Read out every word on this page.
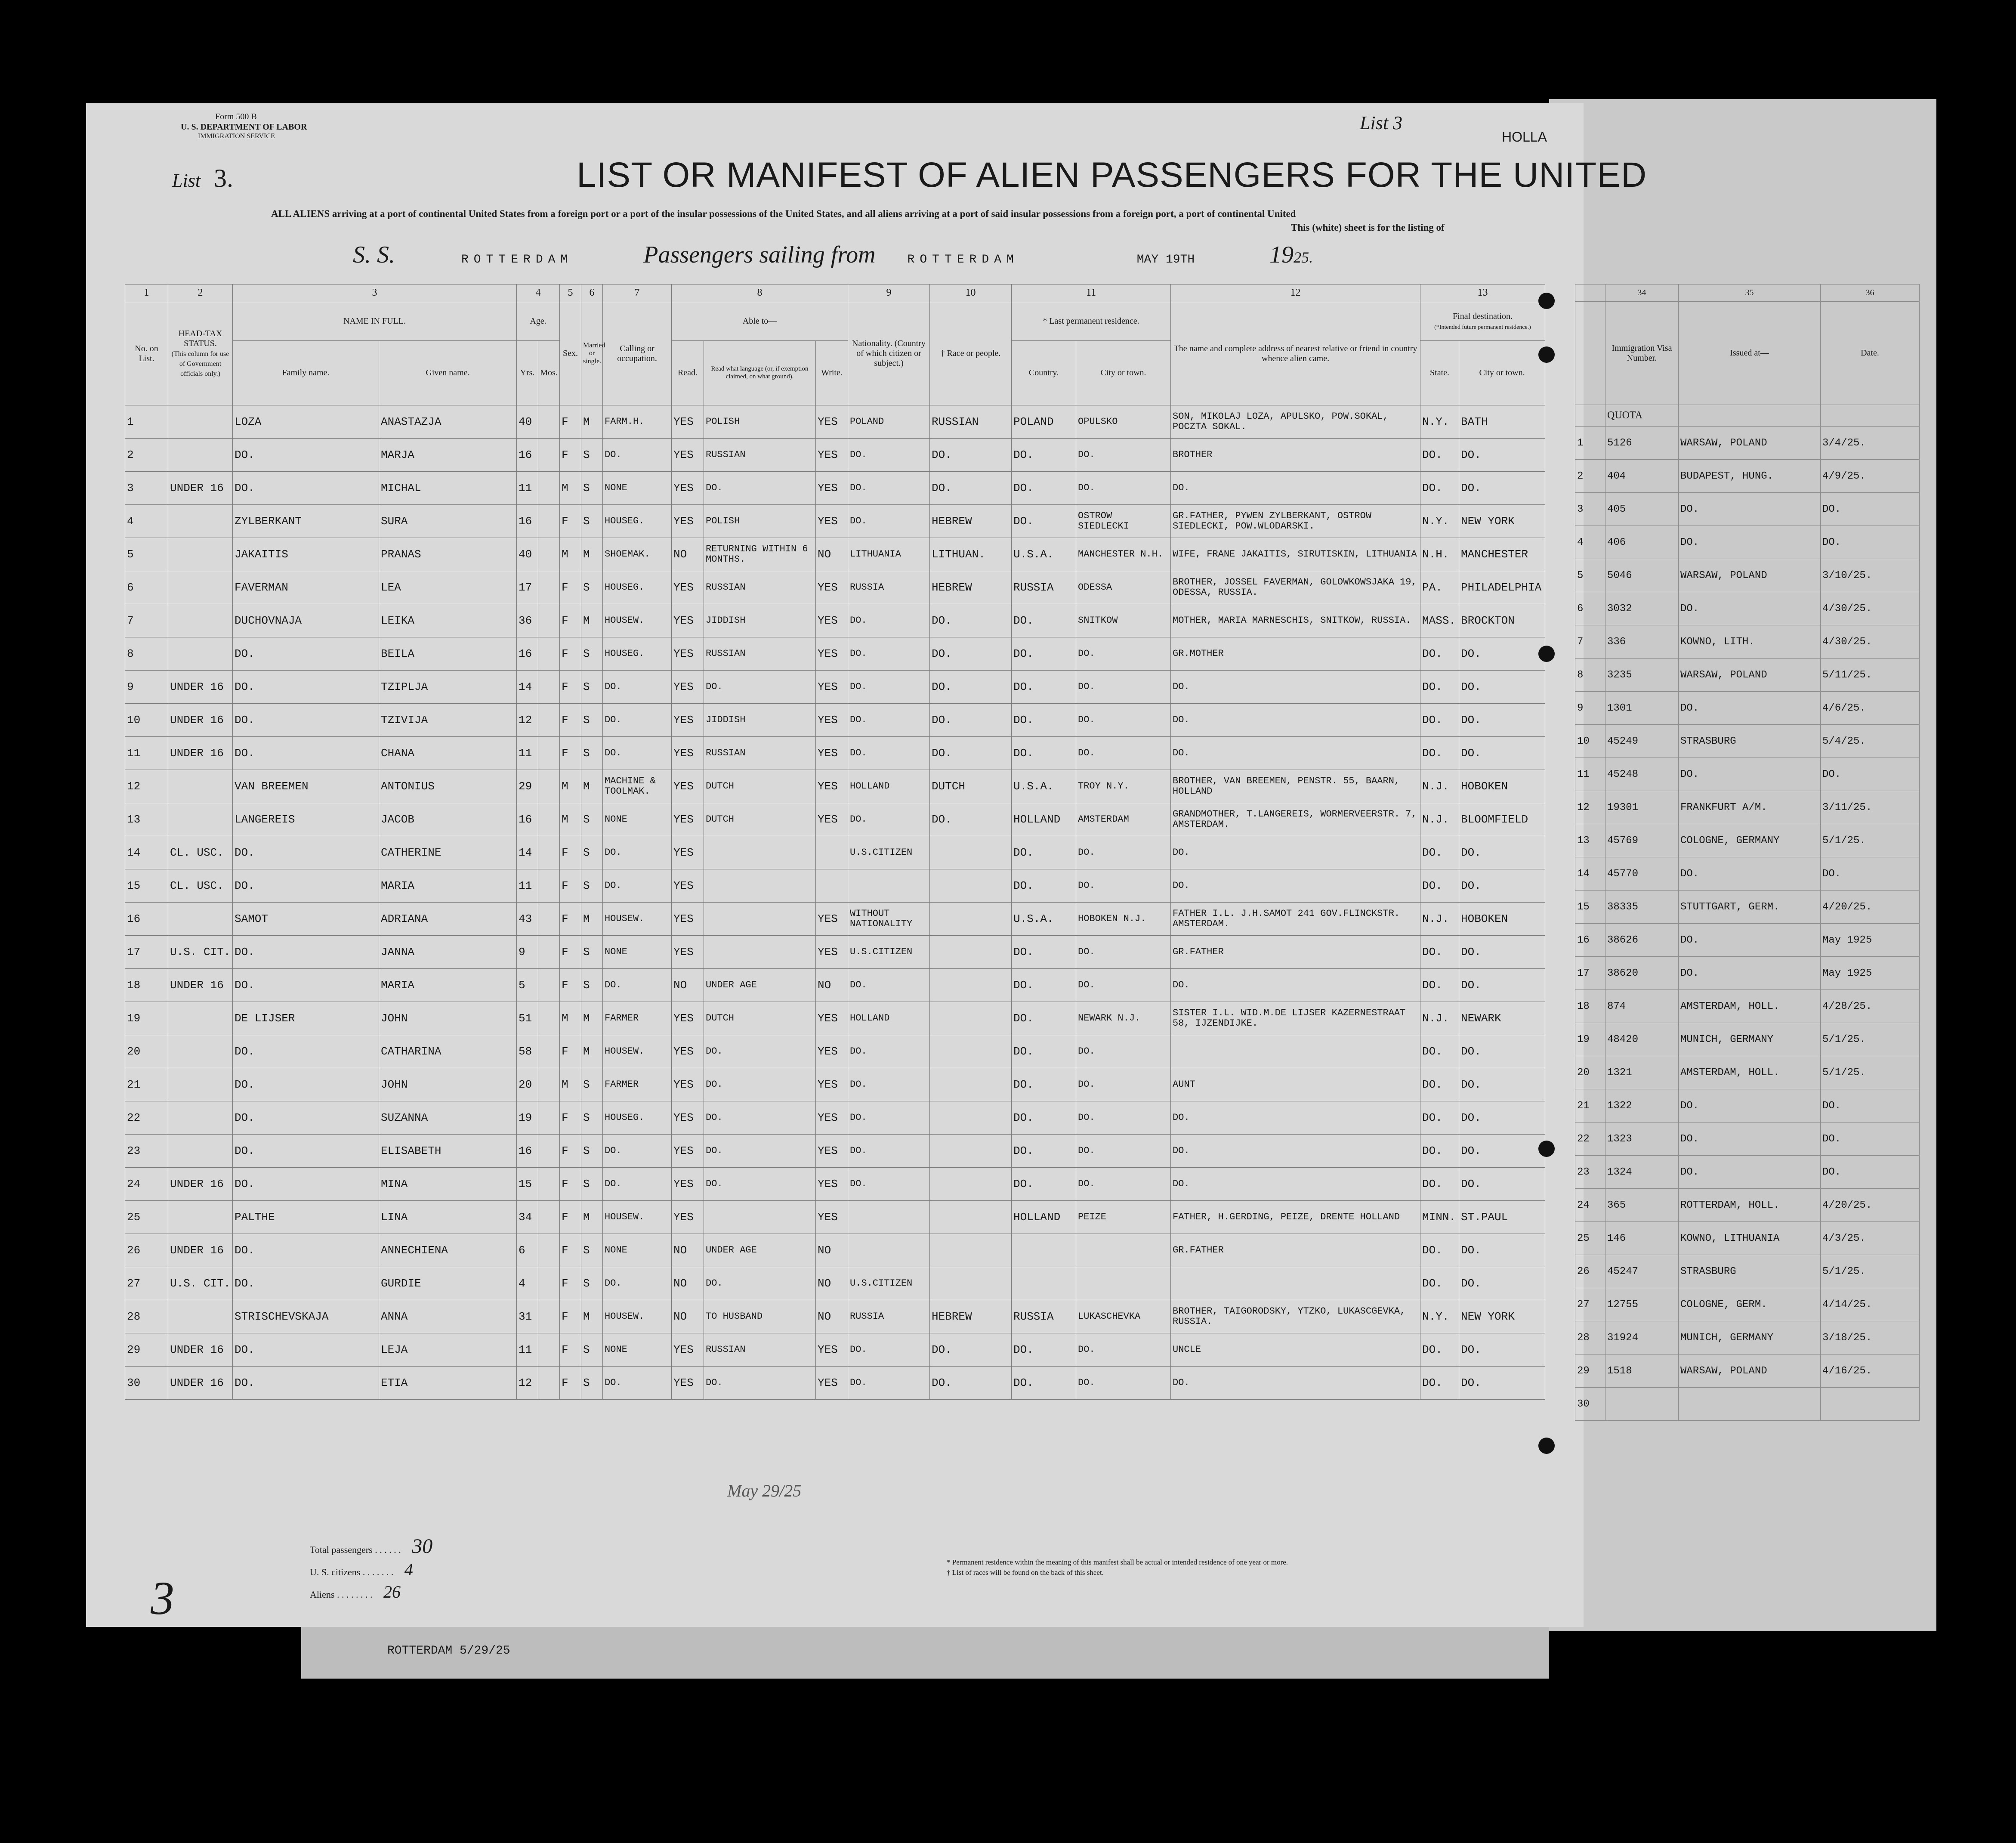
ROTTERDAM 5/29/25
Form 500 B
U. S. DEPARTMENT OF LABOR
IMMIGRATION SERVICE
List 3.
List 3
HOLLA
LIST OR MANIFEST OF ALIEN PASSENGERS FOR THE UNITED
ALL ALIENS arriving at a port of continental United States from a foreign port or a port of the insular possessions of the United States, and all aliens arriving at a port of said insular possessions from a foreign port, a port of continental United
This (white) sheet is for the listing of
S. S.	ROTTERDAM	Passengers sailing from	ROTTERDAM	MAY 19TH	1925.
1	2	3		4		5	6	7	8			9	10	11		12	13	
No. on List.	HEAD-TAX STATUS.
(This column for use of Government officials only.)	NAME IN FULL.		Age.		Sex.	Married or single.	Calling or occupation.	Able to—			Nationality. (Country of which citizen or subject.)	† Race or people.	* Last permanent residence.		The name and complete address of nearest relative or friend in country whence alien came.	Final destination.
(*Intended future permanent residence.)	
		Family name.	Given name.	Yrs.	Mos.				Read.	Read what language (or, if exemption claimed, on what ground).	Write.			Country.	City or town.		State.	City or town.
1		LOZA	ANASTAZJA	40		F	M	FARM.H.	YES	POLISH	YES	POLAND	RUSSIAN	POLAND	OPULSKO	SON, MIKOLAJ LOZA, APULSKO, POW.SOKAL, POCZTA SOKAL.	N.Y.	BATH
2		DO.	MARJA	16		F	S	DO.	YES	RUSSIAN	YES	DO.	DO.	DO.	DO.	BROTHER	DO.	DO.
3	UNDER 16	DO.	MICHAL	11		M	S	NONE	YES	DO.	YES	DO.	DO.	DO.	DO.	DO.	DO.	DO.
4		ZYLBERKANT	SURA	16		F	S	HOUSEG.	YES	POLISH	YES	DO.	HEBREW	DO.	OSTROW SIEDLECKI	GR.FATHER, PYWEN ZYLBERKANT, OSTROW SIEDLECKI, POW.WLODARSKI.	N.Y.	NEW YORK
5		JAKAITIS	PRANAS	40		M	M	SHOEMAK.	NO	RETURNING WITHIN 6 MONTHS.	NO	LITHUANIA	LITHUAN.	U.S.A.	MANCHESTER N.H.	WIFE, FRANE JAKAITIS, SIRUTISKIN, LITHUANIA	N.H.	MANCHESTER
6		FAVERMAN	LEA	17		F	S	HOUSEG.	YES	RUSSIAN	YES	RUSSIA	HEBREW	RUSSIA	ODESSA	BROTHER, JOSSEL FAVERMAN, GOLOWKOWSJAKA 19, ODESSA, RUSSIA.	PA.	PHILADELPHIA
7		DUCHOVNAJA	LEIKA	36		F	M	HOUSEW.	YES	JIDDISH	YES	DO.	DO.	DO.	SNITKOW	MOTHER, MARIA MARNESCHIS, SNITKOW, RUSSIA.	MASS.	BROCKTON
8		DO.	BEILA	16		F	S	HOUSEG.	YES	RUSSIAN	YES	DO.	DO.	DO.	DO.	GR.MOTHER	DO.	DO.
9	UNDER 16	DO.	TZIPLJA	14		F	S	DO.	YES	DO.	YES	DO.	DO.	DO.	DO.	DO.	DO.	DO.
10	UNDER 16	DO.	TZIVIJA	12		F	S	DO.	YES	JIDDISH	YES	DO.	DO.	DO.	DO.	DO.	DO.	DO.
11	UNDER 16	DO.	CHANA	11		F	S	DO.	YES	RUSSIAN	YES	DO.	DO.	DO.	DO.	DO.	DO.	DO.
12		VAN BREEMEN	ANTONIUS	29		M	M	MACHINE & TOOLMAK.	YES	DUTCH	YES	HOLLAND	DUTCH	U.S.A.	TROY N.Y.	BROTHER, VAN BREEMEN, PENSTR. 55, BAARN, HOLLAND	N.J.	HOBOKEN
13		LANGEREIS	JACOB	16		M	S	NONE	YES	DUTCH	YES	DO.	DO.	HOLLAND	AMSTERDAM	GRANDMOTHER, T.LANGEREIS, WORMERVEERSTR. 7, AMSTERDAM.	N.J.	BLOOMFIELD
14	CL. USC.	DO.	CATHERINE	14		F	S	DO.	YES			U.S.CITIZEN		DO.	DO.	DO.	DO.	DO.
15	CL. USC.	DO.	MARIA	11		F	S	DO.	YES					DO.	DO.	DO.	DO.	DO.
16		SAMOT	ADRIANA	43		F	M	HOUSEW.	YES		YES	WITHOUT NATIONALITY		U.S.A.	HOBOKEN N.J.	FATHER I.L. J.H.SAMOT 241 GOV.FLINCKSTR. AMSTERDAM.	N.J.	HOBOKEN
17	U.S. CIT.	DO.	JANNA	9		F	S	NONE	YES		YES	U.S.CITIZEN		DO.	DO.	GR.FATHER	DO.	DO.
18	UNDER 16	DO.	MARIA	5		F	S	DO.	NO	UNDER AGE	NO	DO.		DO.	DO.	DO.	DO.	DO.
19		DE LIJSER	JOHN	51		M	M	FARMER	YES	DUTCH	YES	HOLLAND		DO.	NEWARK N.J.	SISTER I.L. WID.M.DE LIJSER KAZERNESTRAAT 58, IJZENDIJKE.	N.J.	NEWARK
20		DO.	CATHARINA	58		F	M	HOUSEW.	YES	DO.	YES	DO.		DO.	DO.		DO.	DO.
21		DO.	JOHN	20		M	S	FARMER	YES	DO.	YES	DO.		DO.	DO.	AUNT	DO.	DO.
22		DO.	SUZANNA	19		F	S	HOUSEG.	YES	DO.	YES	DO.		DO.	DO.	DO.	DO.	DO.
23		DO.	ELISABETH	16		F	S	DO.	YES	DO.	YES	DO.		DO.	DO.	DO.	DO.	DO.
24	UNDER 16	DO.	MINA	15		F	S	DO.	YES	DO.	YES	DO.		DO.	DO.	DO.	DO.	DO.
25		PALTHE	LINA	34		F	M	HOUSEW.	YES		YES			HOLLAND	PEIZE	FATHER, H.GERDING, PEIZE, DRENTE HOLLAND	MINN.	ST.PAUL
26	UNDER 16	DO.	ANNECHIENA	6		F	S	NONE	NO	UNDER AGE	NO					GR.FATHER	DO.	DO.
27	U.S. CIT.	DO.	GURDIE	4		F	S	DO.	NO	DO.	NO	U.S.CITIZEN					DO.	DO.
28		STRISCHEVSKAJA	ANNA	31		F	M	HOUSEW.	NO	TO HUSBAND	NO	RUSSIA	HEBREW	RUSSIA	LUKASCHEVKA	BROTHER, TAIGORODSKY, YTZKO, LUKASCGEVKA, RUSSIA.	N.Y.	NEW YORK
29	UNDER 16	DO.	LEJA	11		F	S	NONE	YES	RUSSIAN	YES	DO.	DO.	DO.	DO.	UNCLE	DO.	DO.
30	UNDER 16	DO.	ETIA	12		F	S	DO.	YES	DO.	YES	DO.	DO.	DO.	DO.	DO.	DO.	DO.
Total passengers . . . . . . 30
U. S. citizens . . . . . . . 4
Aliens . . . . . . . . 26
3
May 29/25
* Permanent residence within the meaning of this manifest shall be actual or intended residence of one year or more.
† List of races will be found on the back of this sheet.
	34	35	36
	Immigration Visa Number.	Issued at—	Date.
	QUOTA		
1	5126	WARSAW, POLAND	3/4/25.
2	404	BUDAPEST, HUNG.	4/9/25.
3	405	DO.	DO.
4	406	DO.	DO.
5	5046	WARSAW, POLAND	3/10/25.
6	3032	DO.	4/30/25.
7	336	KOWNO, LITH.	4/30/25.
8	3235	WARSAW, POLAND	5/11/25.
9	1301	DO.	4/6/25.
10	45249	STRASBURG	5/4/25.
11	45248	DO.	DO.
12	19301	FRANKFURT A/M.	3/11/25.
13	45769	COLOGNE, GERMANY	5/1/25.
14	45770	DO.	DO.
15	38335	STUTTGART, GERM.	4/20/25.
16	38626	DO.	May 1925
17	38620	DO.	May 1925
18	874	AMSTERDAM, HOLL.	4/28/25.
19	48420	MUNICH, GERMANY	5/1/25.
20	1321	AMSTERDAM, HOLL.	5/1/25.
21	1322	DO.	DO.
22	1323	DO.	DO.
23	1324	DO.	DO.
24	365	ROTTERDAM, HOLL.	4/20/25.
25	146	KOWNO, LITHUANIA	4/3/25.
26	45247	STRASBURG	5/1/25.
27	12755	COLOGNE, GERM.	4/14/25.
28	31924	MUNICH, GERMANY	3/18/25.
29	1518	WARSAW, POLAND	4/16/25.
30			
